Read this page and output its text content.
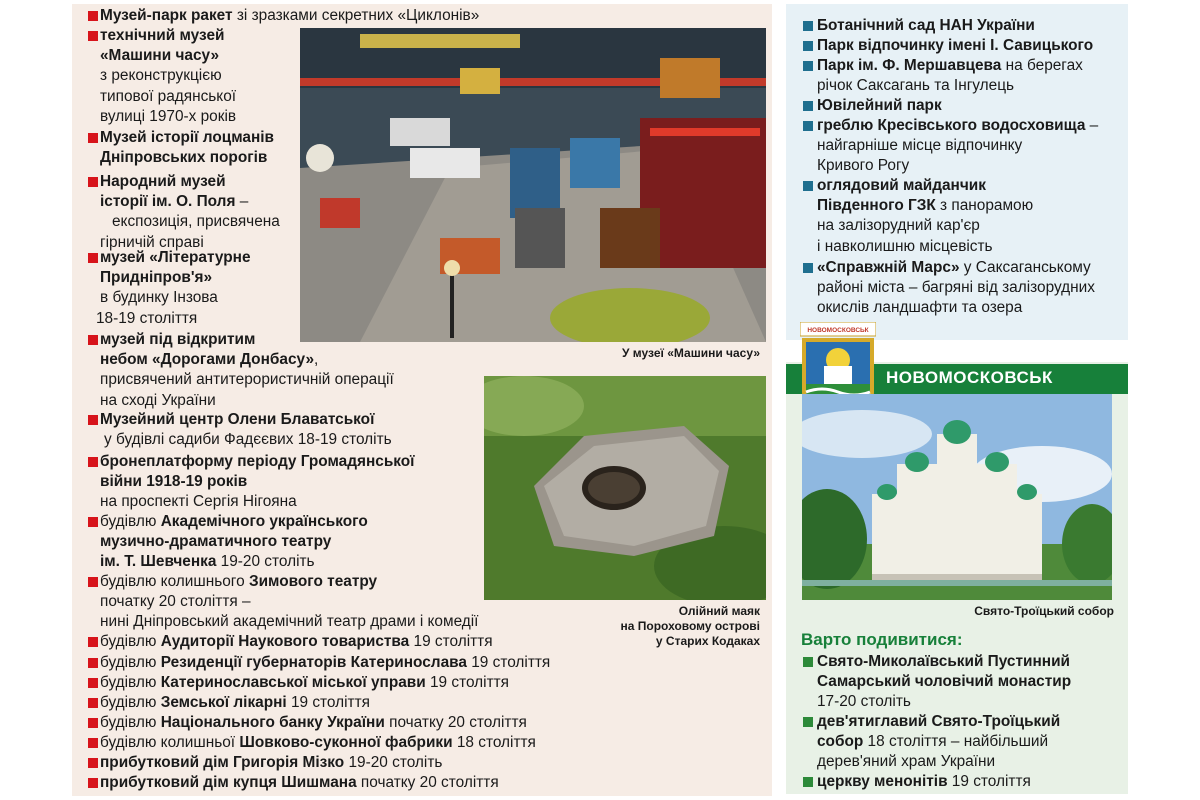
Музей-парк ракет зі зразками секретних «Циклонів»
технічний музей
«Машини часу»
з реконструкцією
типової радянської
вулиці 1970-х років
Музей історії лоцманів
Дніпровських порогів
Народний музей
історії ім. О. Поля –
експозиція, присвячена
гірничій справі
музей «Літературне
Придніпров'я»
в будинку Інзова
18-19 століття
музей під відкритим
небом «Дорогами Донбасу»,
присвячений антитерористичній операції
на сході України
Музейний центр Олени Блаватської
у будівлі садиби Фадєєвих 18-19 століть
бронеплатформу періоду Громадянської
війни 1918-19 років
на проспекті Сергія Нігояна
будівлю Академічного українського
музично-драматичного театру
ім. Т. Шевченка 19-20 століть
будівлю колишнього Зимового театру
початку 20 століття –
нині Дніпровський академічний театр драми і комедії
будівлю Аудиторії Наукового товариства 19 століття
будівлю Резиденції губернаторів Катеринослава 19 століття
будівлю Катеринославської міської управи 19 століття
будівлю Земської лікарні 19 століття
будівлю Національного банку України початку 20 століття
будівлю колишньої Шовково-суконної фабрики 18 століття
прибутковий дім Григорія Мізко 19-20 століть
прибутковий дім купця Шишмана початку 20 століття
Ботанічний сад НАН України
Парк відпочинку імені І. Савицького
Парк ім. Ф. Мершавцева на берегах
річок Саксагань та Інгулець
Ювілейний парк
греблю Кресівського водосховища –
найгарніше місце відпочинку
Кривого Рогу
оглядовий майданчик
Південного ГЗК з панорамою
на залізорудний кар'єр
і навколишню місцевість
«Справжній Марс» у Саксаганському
районі міста – багряні від залізорудних
окислів ландшафти та озера
Свято-Миколаївський Пустинний
Самарський чоловічий монастир
17-20 століть
дев'ятиглавий Свято-Троїцький
собор 18 століття – найбільший
дерев'яний храм України
церкву менонітів 19 століття
У музеї «Машини часу»
Олійний маяк
на Пороховому острові
у Старих Кодаках
НОВОМОСКОВСЬК
НОВОМОСКОВСЬК
Свято-Троїцький собор
Варто подивитися:
